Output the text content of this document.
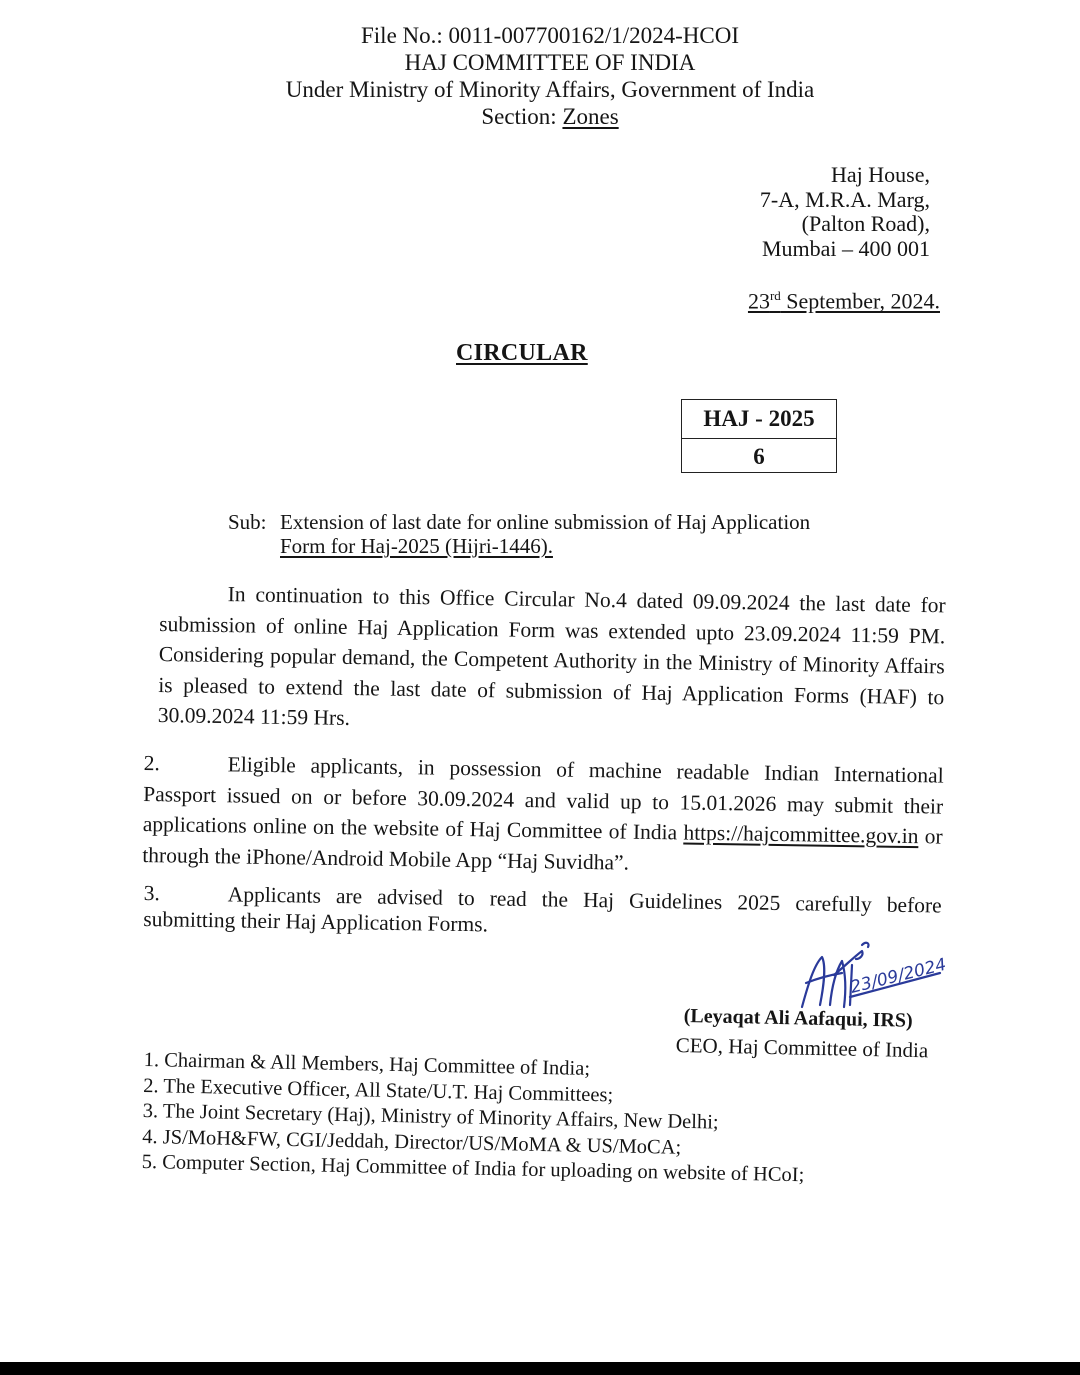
File No.: 0011-007700162/1/2024-HCOI
HAJ COMMITTEE OF INDIA
Under Ministry of Minority Affairs, Government of India
Section: Zones
Haj House,
7-A, M.R.A. Marg,
(Palton Road),
Mumbai – 400 001
23rd September, 2024.
CIRCULAR
HAJ - 2025
6
Sub: Extension of last date for online submission of Haj Application
Form for Haj-2025 (Hijri-1446).
In continuation to this Office Circular No.4 dated 09.09.2024 the last date for submission of online Haj Application Form was extended upto 23.09.2024 11:59 PM. Considering popular demand, the Competent Authority in the Ministry of Minority Affairs is pleased to extend the last date of submission of Haj Application Forms (HAF) to 30.09.2024 11:59 Hrs.
2.	Eligible applicants, in possession of machine readable Indian International Passport issued on or before 30.09.2024 and valid up to 15.01.2026 may submit their applications online on the website of Haj Committee of India https://hajcommittee.gov.in or through the iPhone/Android Mobile App “Haj Suvidha”.
3.	Applicants are advised to read the Haj Guidelines 2025 carefully before submitting their Haj Application Forms.
23/09/2024
(Leyaqat Ali Aafaqui, IRS)
CEO, Haj Committee of India
1. Chairman & All Members, Haj Committee of India;
2. The Executive Officer, All State/U.T. Haj Committees;
3. The Joint Secretary (Haj), Ministry of Minority Affairs, New Delhi;
4. JS/MoH&FW, CGI/Jeddah, Director/US/MoMA & US/MoCA;
5. Computer Section, Haj Committee of India for uploading on website of HCoI;
